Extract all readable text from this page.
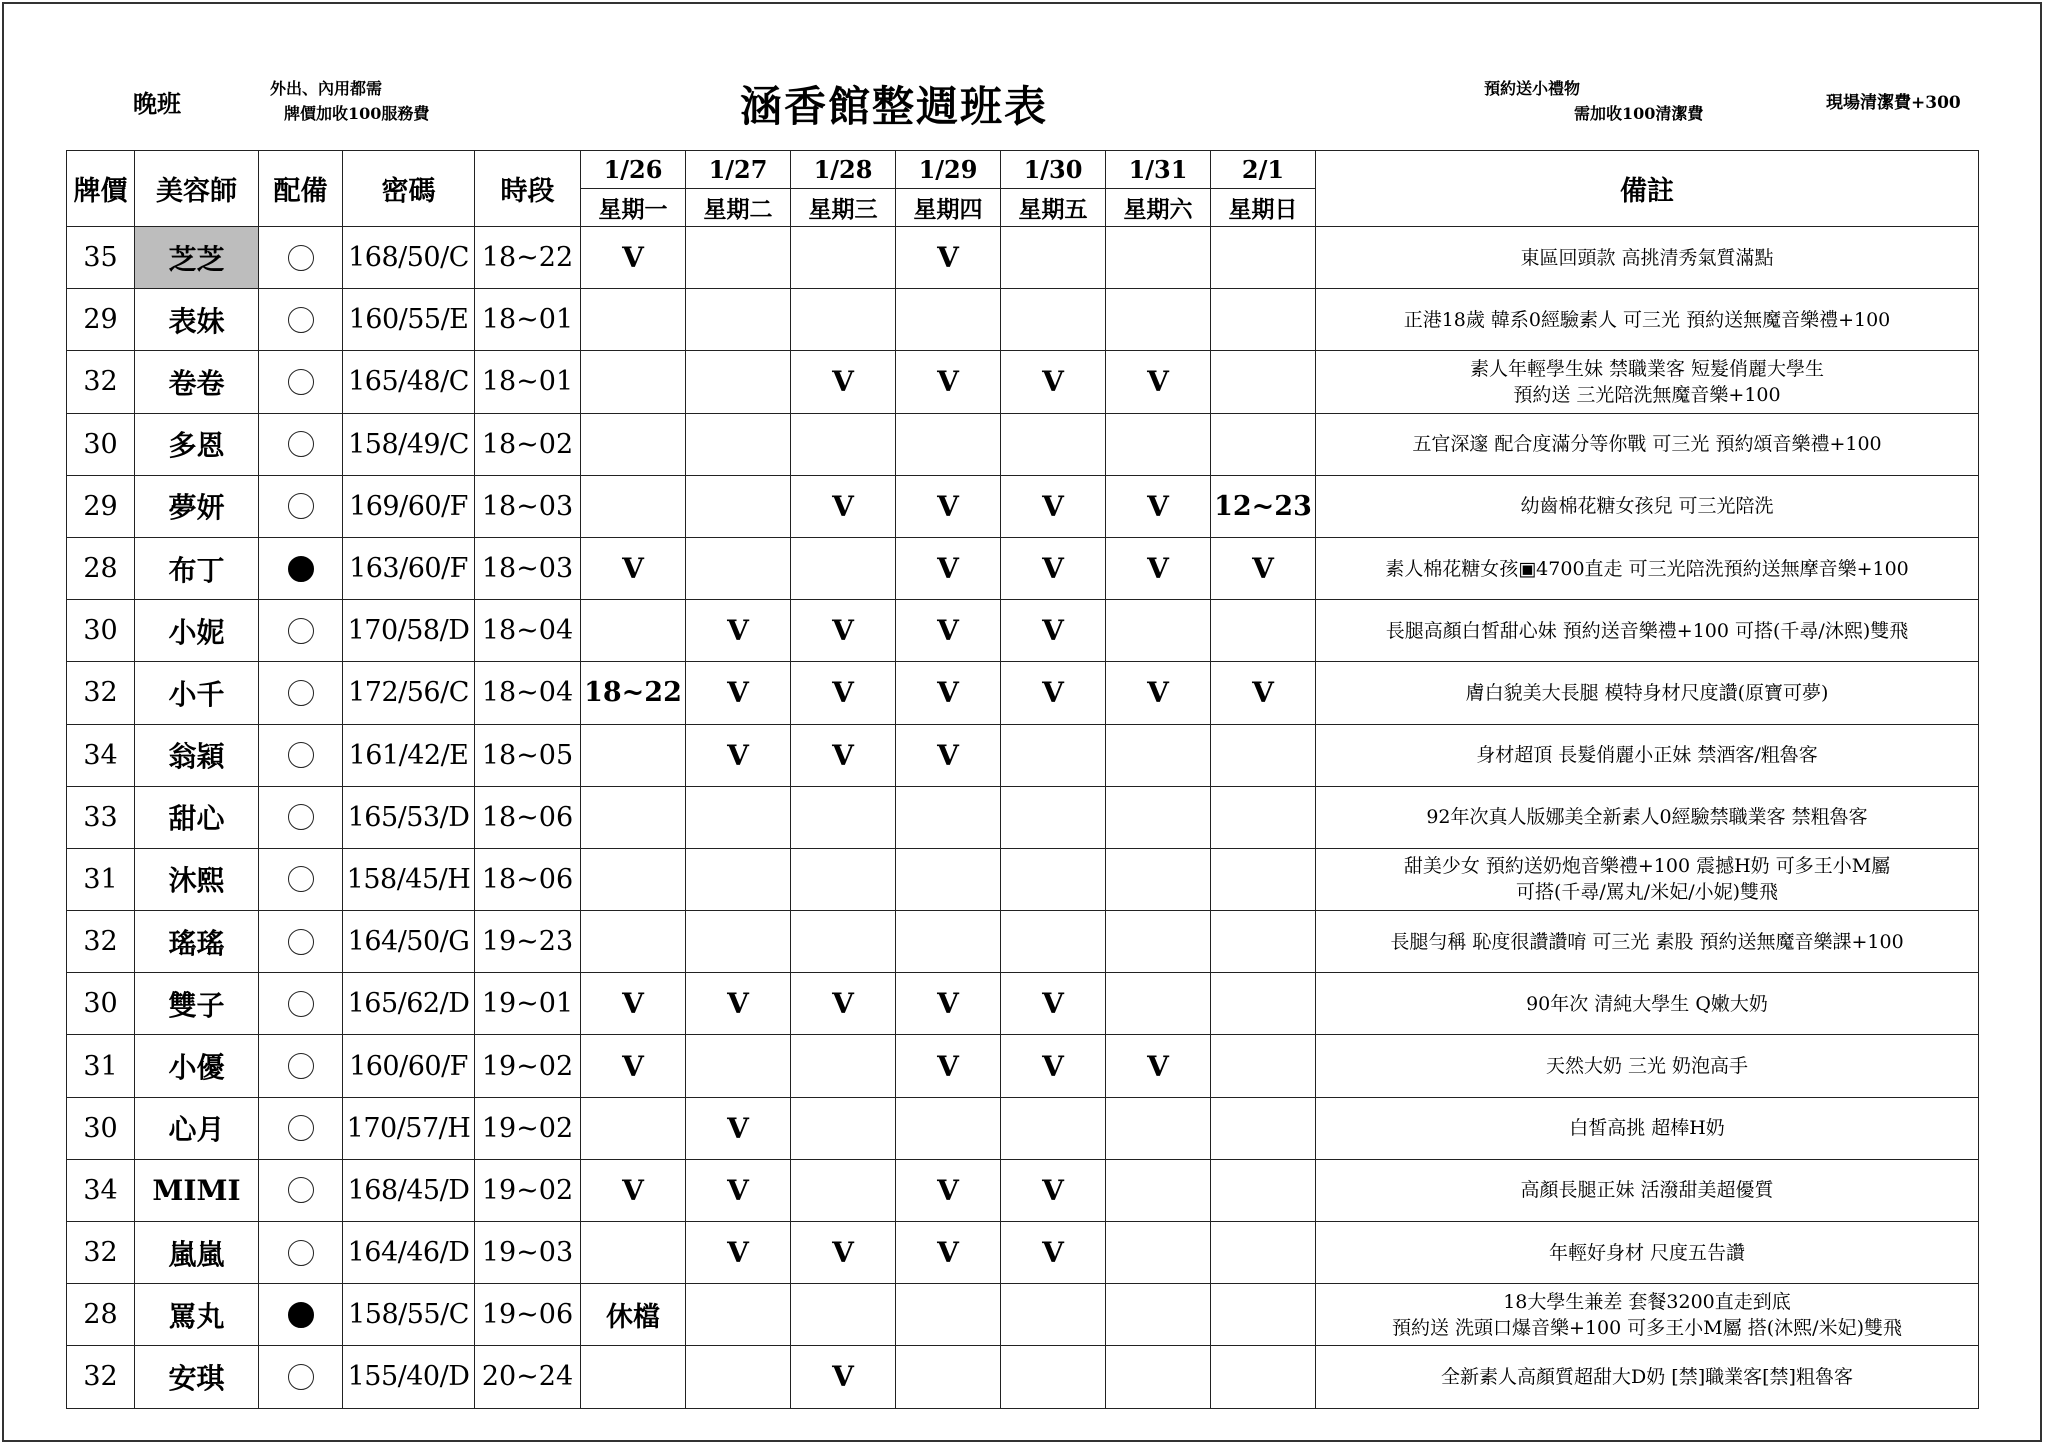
晚班
外出、內用都需
牌價加收100服務費	涵香館整週班表	預約送小禮物
需加收100清潔費
現場清潔費+300
牌價	美容師	配備	密碼	時段	1/26	1/27	1/28	1/29	1/30	1/31	2/1	備註
					星期一	星期二	星期三	星期四	星期五	星期六	星期日	
35	芝芝		168/50/C	18~22	V			V				東區回頭款 高挑清秀氣質滿點

29	表妹		160/55/E	18~01								正港18歲 韓系0經驗素人 可三光 預約送無魔音樂禮+100

32	卷卷		165/48/C	18~01			V	V	V	V		素人年輕學生妹 禁職業客 短髮俏麗大學生
預約送 三光陪洗無魔音樂+100

30	多恩		158/49/C	18~02								五官深邃 配合度滿分等你戰 可三光 預約頌音樂禮+100

29	夢妍		169/60/F	18~03			V	V	V	V	12~23	幼齒棉花糖女孩兒 可三光陪洗

28	布丁		163/60/F	18~03	V			V	V	V	V	素人棉花糖女孩▣4700直走 可三光陪洗預約送無摩音樂+100

30	小妮		170/58/D	18~04		V	V	V	V			長腿高顏白皙甜心妹 預約送音樂禮+100 可搭(千尋/沐熙)雙飛

32	小千		172/56/C	18~04	18~22	V	V	V	V	V	V	膚白貌美大長腿 模特身材尺度讚(原寶可夢)

34	翁穎		161/42/E	18~05		V	V	V				身材超頂 長髮俏麗小正妹 禁酒客/粗魯客

33	甜心		165/53/D	18~06								92年次真人版娜美全新素人0經驗禁職業客 禁粗魯客

31	沐熙		158/45/H	18~06								甜美少女 預約送奶炮音樂禮+100 震撼H奶 可多王小M屬
可搭(千尋/罵丸/米妃/小妮)雙飛

32	瑤瑤		164/50/G	19~23								長腿勻稱 恥度很讚讚唷 可三光 素股 預約送無魔音樂課+100

30	雙子		165/62/D	19~01	V	V	V	V	V			90年次 清純大學生 Q嫩大奶

31	小優		160/60/F	19~02	V			V	V	V		天然大奶 三光 奶泡高手

30	心月		170/57/H	19~02		V						白皙高挑 超棒H奶

34	MIMI		168/45/D	19~02	V	V		V	V			高顏長腿正妹 活潑甜美超優質

32	嵐嵐		164/46/D	19~03		V	V	V	V			年輕好身材 尺度五告讚

28	罵丸		158/55/C	19~06	休檔							18大學生兼差 套餐3200直走到底
預約送 洗頭口爆音樂+100 可多王小M屬 搭(沐熙/米妃)雙飛

32	安琪		155/40/D	20~24			V					全新素人高顏質超甜大D奶 [禁]職業客[禁]粗魯客
